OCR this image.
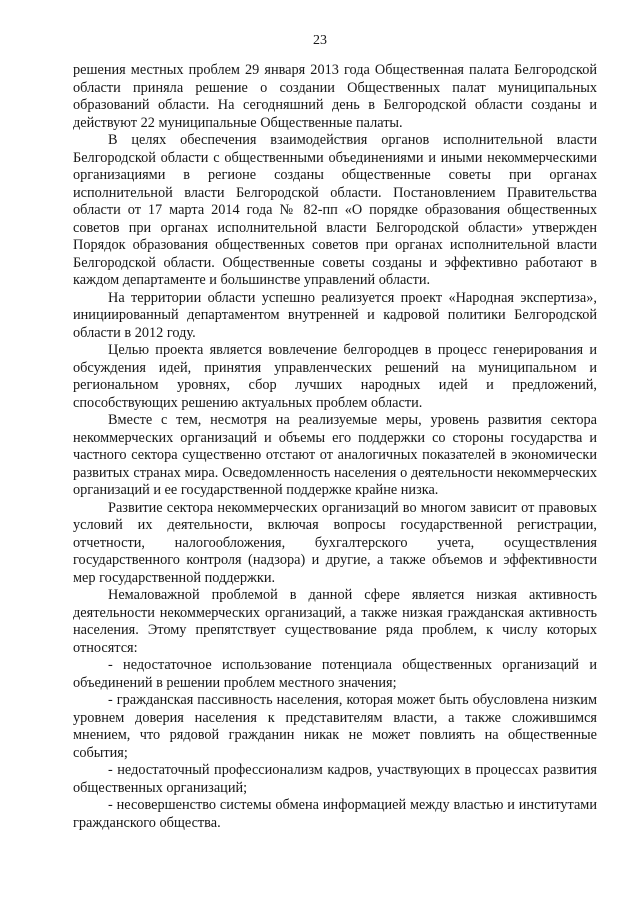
23

решения местных проблем 29 января 2013 года Общественная палата Белгородской области приняла решение о создании Общественных палат муниципальных образований области. На сегодняшний день в Белгородской области созданы и действуют 22 муниципальные Общественные палаты.

В целях обеспечения взаимодействия органов исполнительной власти Белгородской области с общественными объединениями и иными некоммерческими организациями в регионе созданы общественные советы при органах исполнительной власти Белгородской области. Постановлением Правительства области от 17 марта 2014 года № 82-пп «О порядке образования общественных советов при органах исполнительной власти Белгородской области» утвержден Порядок образования общественных советов при органах исполнительной власти Белгородской области. Общественные советы созданы и эффективно работают в каждом департаменте и большинстве управлений области.

На территории области успешно реализуется проект «Народная экспертиза», инициированный департаментом внутренней и кадровой политики Белгородской области в 2012 году.

Целью проекта является вовлечение белгородцев в процесс генерирования и обсуждения идей, принятия управленческих решений на муниципальном и региональном уровнях, сбор лучших народных идей и предложений, способствующих решению актуальных проблем области.

Вместе с тем, несмотря на реализуемые меры, уровень развития сектора некоммерческих организаций и объемы его поддержки со стороны государства и частного сектора существенно отстают от аналогичных показателей в экономически развитых странах мира. Осведомленность населения о деятельности некоммерческих организаций и ее государственной поддержке крайне низка.

Развитие сектора некоммерческих организаций во многом зависит от правовых условий их деятельности, включая вопросы государственной регистрации, отчетности, налогообложения, бухгалтерского учета, осуществления государственного контроля (надзора) и другие, а также объемов и эффективности мер государственной поддержки.

Немаловажной проблемой в данной сфере является низкая активность деятельности некоммерческих организаций, а также низкая гражданская активность населения. Этому препятствует существование ряда проблем, к числу которых относятся:

- недостаточное использование потенциала общественных организаций и объединений в решении проблем местного значения;

- гражданская пассивность населения, которая может быть обусловлена низким уровнем доверия населения к представителям власти, а также сложившимся мнением, что рядовой гражданин никак не может повлиять на общественные события;

- недостаточный профессионализм кадров, участвующих в процессах развития общественных организаций;

- несовершенство системы обмена информацией между властью и институтами гражданского общества.
